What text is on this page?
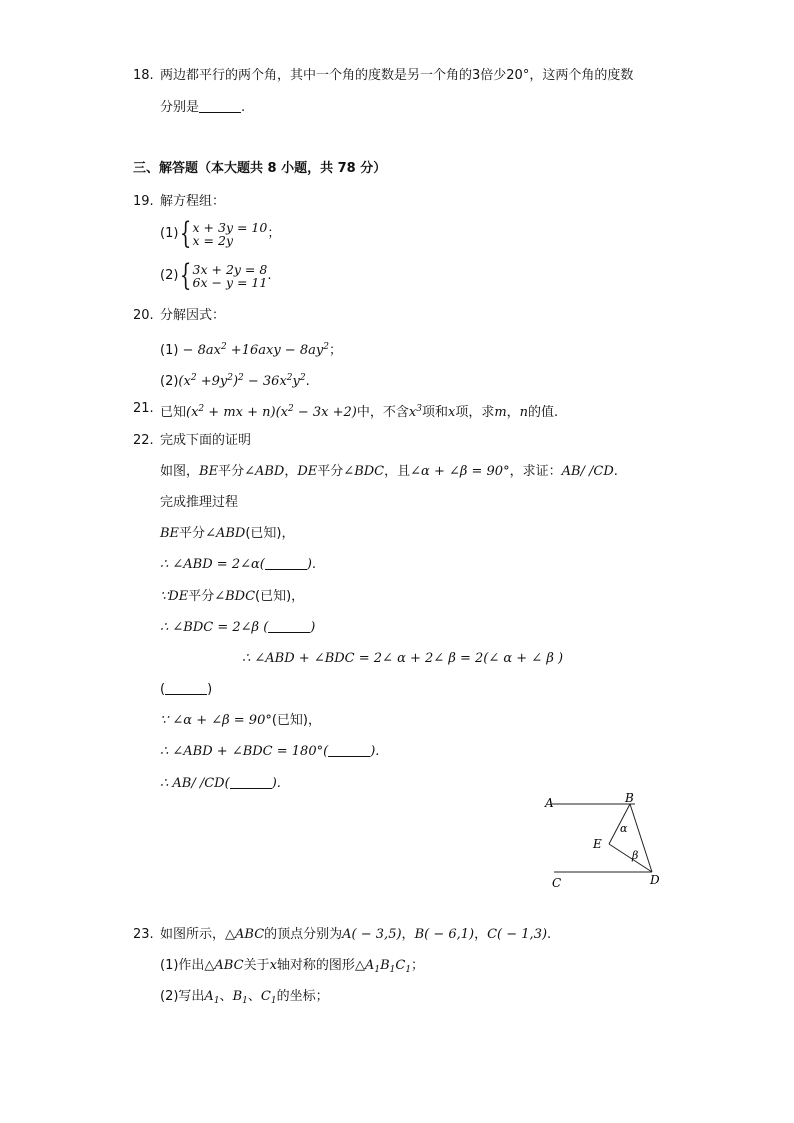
18. 两边都平行的两个角，其中一个角的度数是另一个角的3倍少20°，这两个角的度数
分别是	.
三、解答题（本大题共 8 小题，共 78 分）
19. 解方程组：
(1){ x + 3y = 10
x = 2y	；
(2){ 3x + 2y = 8
6x − y = 11 .
20. 分解因式：
$(1) - 8ax^2 +16axy - 8ay^2$；
$(2)(x^2 +9y^2)^2 - 36x^2y^2$.
21. 已知($x^2$ + mx + $n)(x^2 - 3x +2)$中，不含$x^3$项和x项，求m，n的值.
22. 完成下面的证明
如图，BE平分∠ABD，DE平分∠BDC，且∠α + ∠β = 90°，求证：AB/ /CD.
完成推理过程
BE平分∠ABD(已知)，
∴ ∠ABD = 2∠α(	).
∵DE平分∠BDC(已知)，
∴ ∠BDC = 2∠β (	)
∴ ∠ABD + ∠BDC = 2∠ α + 2∠ β = 2(∠ α + ∠ β )
(	)
∵ ∠α + ∠β = 90°(已知)，
∴ ∠ABD + ∠BDC = 180°(	).
∴ AB/ /CD(	).
A	B
C	D
E
α
β
23. 如图所示，△ABC的顶点分别为A( − 3,5)，B( − 6,1)，C( − 1,3).
(1)作出△ABC关于x轴对称的图形$\triangle A_1B_1C_1$；
(2)写出$A_1$、$B_1$、$C_1$的坐标；
